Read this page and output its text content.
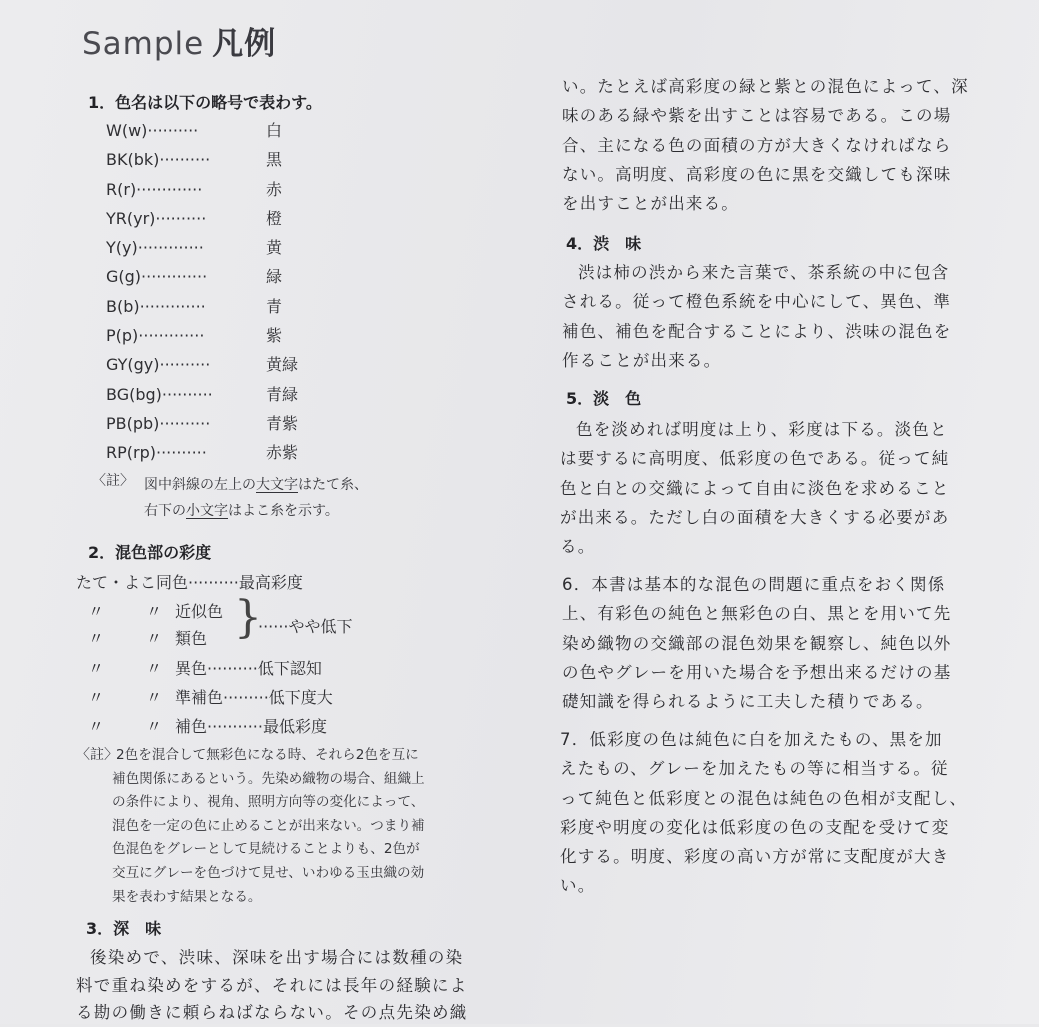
Sample 凡例
1．色名は以下の略号で表わす。
W(w)··········	白
BK(bk)··········	黒
R(r)·············	赤
YR(yr)··········	橙
Y(y)·············	黄
G(g)·············	緑
B(b)·············	青
P(p)·············	紫
GY(gy)··········	黄緑
BG(bg)··········	青緑
PB(pb)··········	青紫
RP(rp)··········	赤紫
〈註〉 図中斜線の左上の大文字はたて糸、
右下の小文字はよこ糸を示す。
2．混色部の彩度
たて・よこ同色··········最高彩度
〃	〃 近似色
〃	〃 類色 }
······やや低下
〃	〃 異色··········低下認知
〃	〃 準補色·········低下度大
〃	〃 補色···········最低彩度
〈註〉
2色を混合して無彩色になる時、それら2色を互に
補色関係にあるという。先染め織物の場合、組織上
の条件により、視角、照明方向等の変化によって、
混色を一定の色に止めることが出来ない。つまり補
色混色をグレーとして見続けることよりも、2色が
交互にグレーを色づけて見せ、いわゆる玉虫織の効
果を表わす結果となる。
3．深　味
後染めで、渋味、深味を出す場合には数種の染
料で重ね染めをするが、それには長年の経験によ
る勘の働きに頼らねばならない。その点先染め織
い。たとえば高彩度の緑と紫との混色によって、深
味のある緑や紫を出すことは容易である。この場
合、主になる色の面積の方が大きくなければなら
ない。高明度、高彩度の色に黒を交織しても深味
を出すことが出来る。
4．渋　味
渋は柿の渋から来た言葉で、茶系統の中に包含
される。従って橙色系統を中心にして、異色、準
補色、補色を配合することにより、渋味の混色を
作ることが出来る。
5．淡　色
色を淡めれば明度は上り、彩度は下る。淡色と
は要するに高明度、低彩度の色である。従って純
色と白との交織によって自由に淡色を求めること
が出来る。ただし白の面積を大きくする必要があ
る。
6．本書は基本的な混色の問題に重点をおく関係
上、有彩色の純色と無彩色の白、黒とを用いて先
染め織物の交織部の混色効果を観察し、純色以外
の色やグレーを用いた場合を予想出来るだけの基
礎知識を得られるように工夫した積りである。
7．低彩度の色は純色に白を加えたもの、黒を加
えたもの、グレーを加えたもの等に相当する。従
って純色と低彩度との混色は純色の色相が支配し、
彩度や明度の変化は低彩度の色の支配を受けて変
化する。明度、彩度の高い方が常に支配度が大き
い。
